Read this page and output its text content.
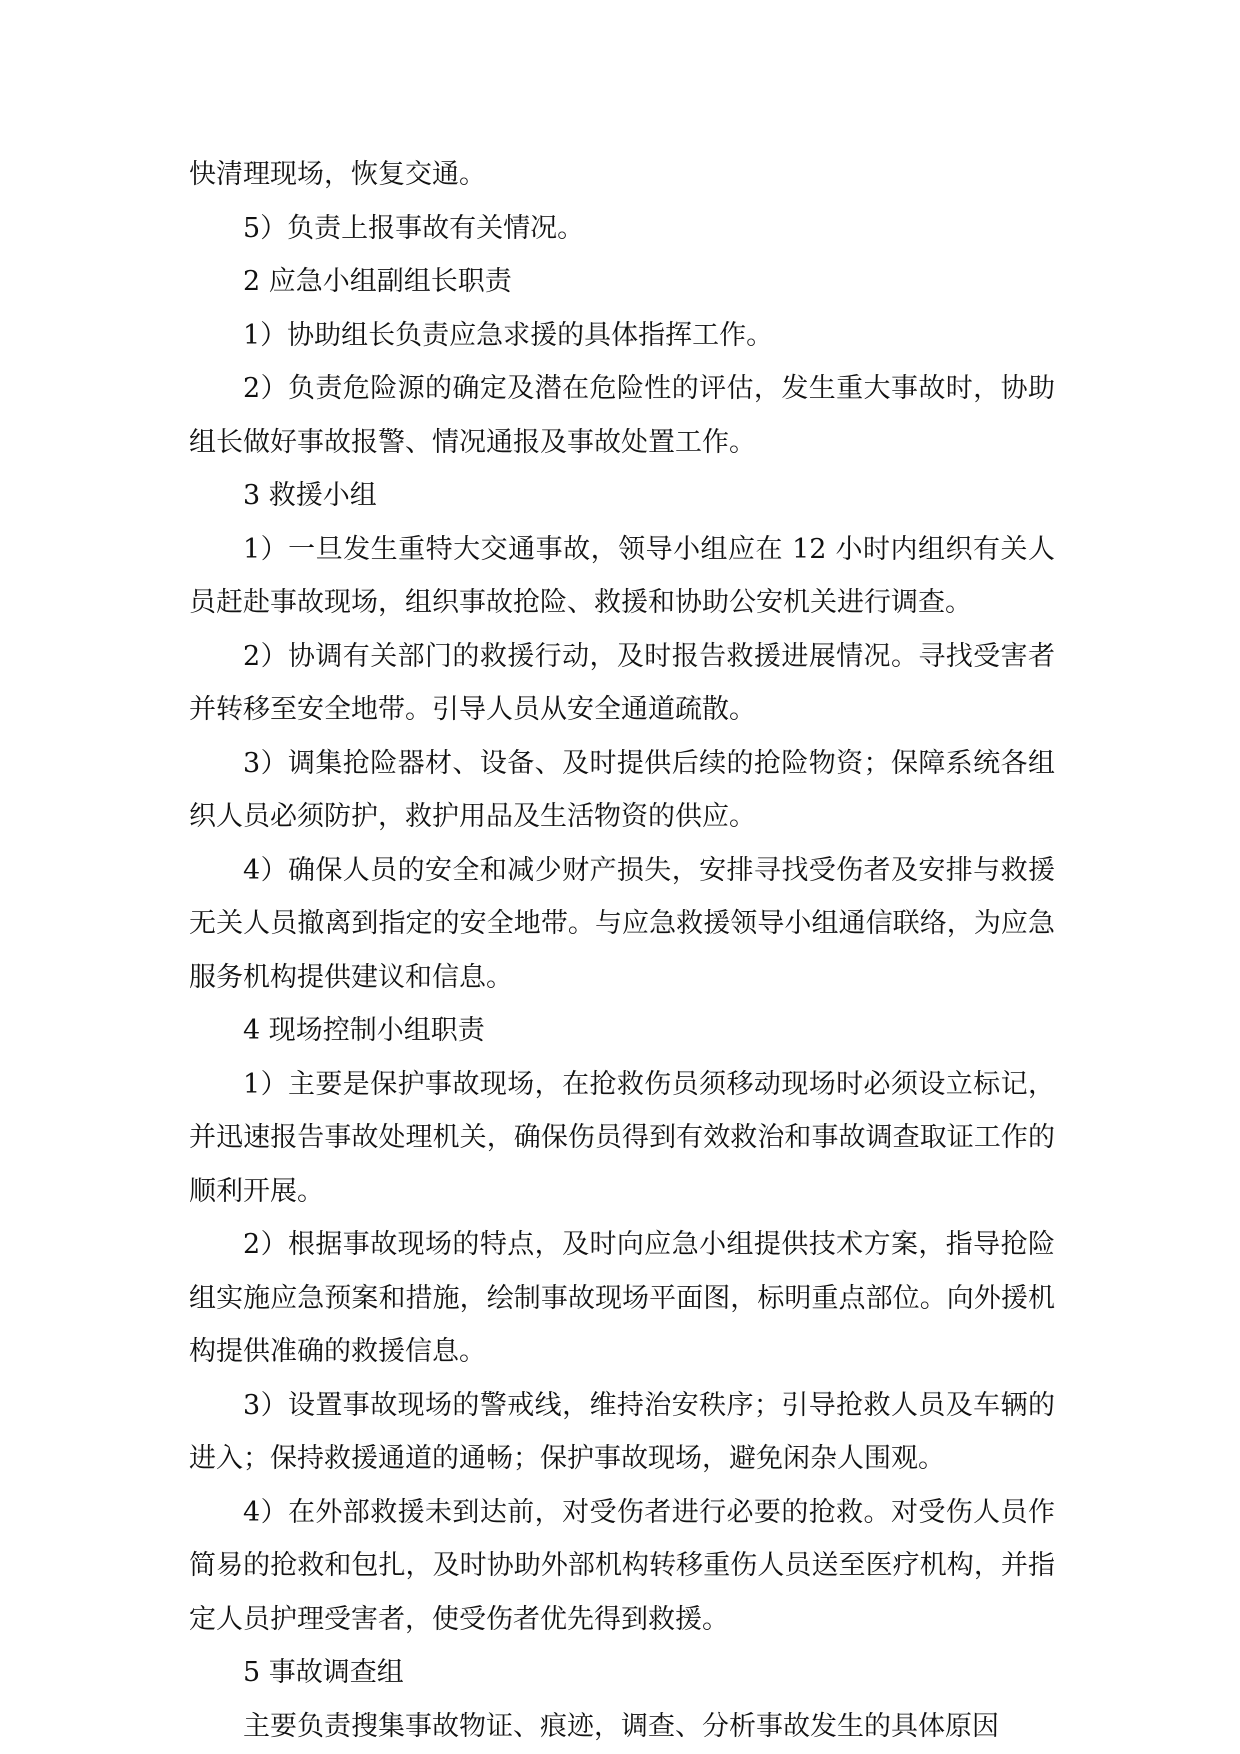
快清理现场，恢复交通。

5）负责上报事故有关情况。

2 应急小组副组长职责

1）协助组长负责应急求援的具体指挥工作。

2）负责危险源的确定及潜在危险性的评估，发生重大事故时，协助组长做好事故报警、情况通报及事故处置工作。

3 救援小组

1）一旦发生重特大交通事故，领导小组应在 12 小时内组织有关人员赶赴事故现场，组织事故抢险、救援和协助公安机关进行调查。

2）协调有关部门的救援行动，及时报告救援进展情况。寻找受害者并转移至安全地带。引导人员从安全通道疏散。

3）调集抢险器材、设备、及时提供后续的抢险物资；保障系统各组织人员必须防护，救护用品及生活物资的供应。

4）确保人员的安全和减少财产损失，安排寻找受伤者及安排与救援无关人员撤离到指定的安全地带。与应急救援领导小组通信联络，为应急服务机构提供建议和信息。

4 现场控制小组职责

1）主要是保护事故现场，在抢救伤员须移动现场时必须设立标记，并迅速报告事故处理机关，确保伤员得到有效救治和事故调查取证工作的顺利开展。

2）根据事故现场的特点，及时向应急小组提供技术方案，指导抢险组实施应急预案和措施，绘制事故现场平面图，标明重点部位。向外援机构提供准确的救援信息。

3）设置事故现场的警戒线，维持治安秩序；引导抢救人员及车辆的进入；保持救援通道的通畅；保护事故现场，避免闲杂人围观。

4）在外部救援未到达前，对受伤者进行必要的抢救。对受伤人员作简易的抢救和包扎，及时协助外部机构转移重伤人员送至医疗机构，并指定人员护理受害者，使受伤者优先得到救援。

5 事故调查组

主要负责搜集事故物证、痕迹，调查、分析事故发生的具体原因
